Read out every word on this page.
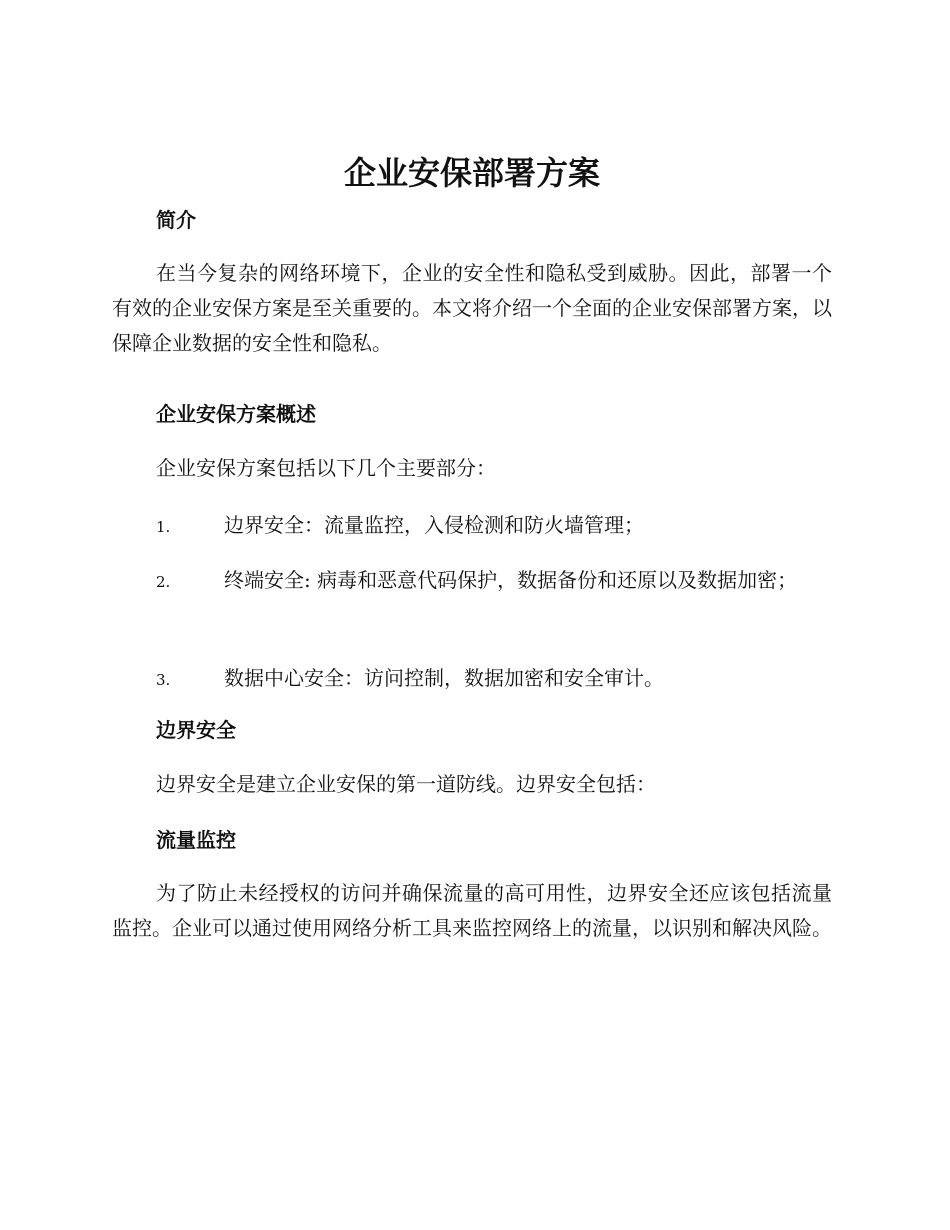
企业安保部署方案
简介

在当今复杂的网络环境下，企业的安全性和隐私受到威胁。因此，部署一个有效的企业安保方案是至关重要的。本文将介绍一个全面的企业安保部署方案，以保障企业数据的安全性和隐私。

企业安保方案概述

企业安保方案包括以下几个主要部分：

1.	边界安全：流量监控，入侵检测和防火墙管理；

2.	终端安全: 病毒和恶意代码保护，数据备份和还原以及数据加密；

3.	数据中心安全：访问控制，数据加密和安全审计。

边界安全

边界安全是建立企业安保的第一道防线。边界安全包括：

流量监控

为了防止未经授权的访问并确保流量的高可用性，边界安全还应该包括流量监控。企业可以通过使用网络分析工具来监控网络上的流量，以识别和解决风险。
